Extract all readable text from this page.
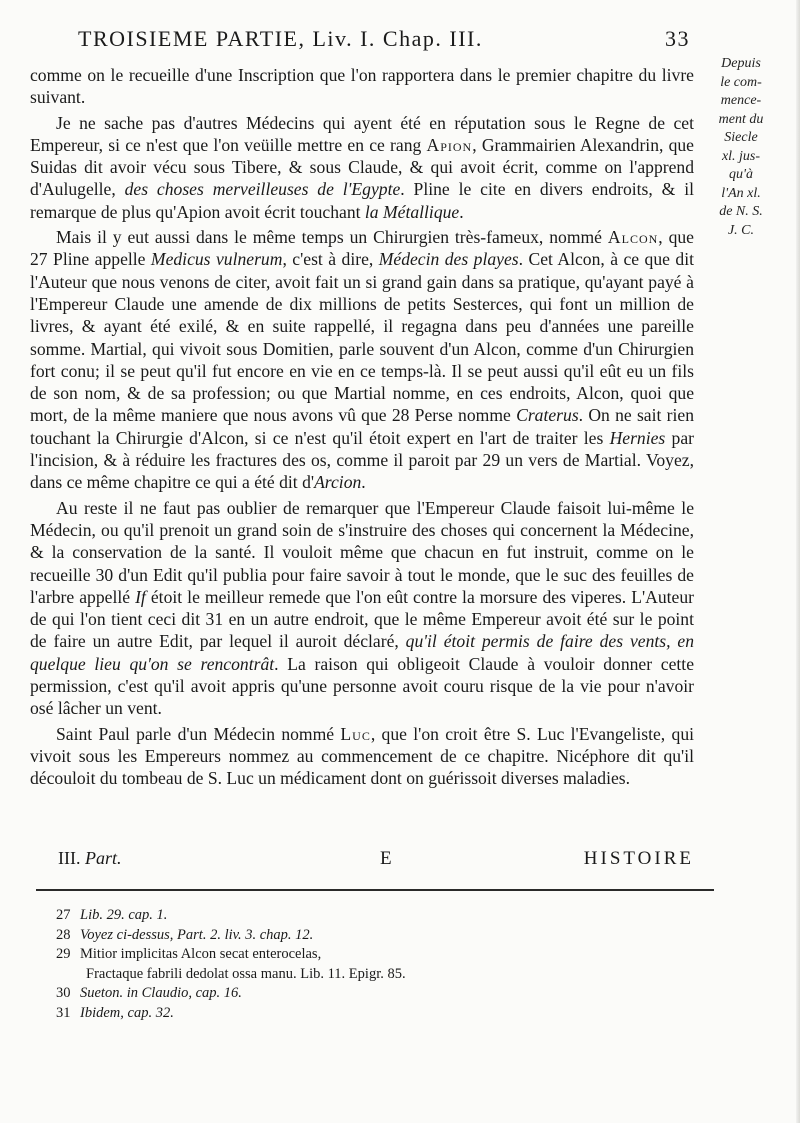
TROISIEME PARTIE, Liv. I. Chap. III.	33
Depuis
le com-
mence-
ment du
Siecle
xl. jus-
qu'à
l'An xl.
de N. S.
J. C.

comme on le recueille d'une Inscription que l'on rapportera dans le premier chapitre du livre suivant.

Je ne sache pas d'autres Médecins qui ayent été en réputation sous le Regne de cet Empereur, si ce n'est que l'on veüille mettre en ce rang Apion, Grammairien Alexandrin, que Suidas dit avoir vécu sous Tibere, & sous Claude, & qui avoit écrit, comme on l'apprend d'Aulugelle, des choses merveilleuses de l'Egypte. Pline le cite en divers endroits, & il remarque de plus qu'Apion avoit écrit touchant la Métallique.

Mais il y eut aussi dans le même temps un Chirurgien très-fameux, nommé Alcon, que 27 Pline appelle Medicus vulnerum, c'est à dire, Médecin des playes. Cet Alcon, à ce que dit l'Auteur que nous venons de citer, avoit fait un si grand gain dans sa pratique, qu'ayant payé à l'Empereur Claude une amende de dix millions de petits Sesterces, qui font un million de livres, & ayant été exilé, & en suite rappellé, il regagna dans peu d'années une pareille somme. Martial, qui vivoit sous Domitien, parle souvent d'un Alcon, comme d'un Chirurgien fort conu; il se peut qu'il fut encore en vie en ce temps-là. Il se peut aussi qu'il eût eu un fils de son nom, & de sa profession; ou que Martial nomme, en ces endroits, Alcon, quoi que mort, de la même maniere que nous avons vû que 28 Perse nomme Craterus. On ne sait rien touchant la Chirurgie d'Alcon, si ce n'est qu'il étoit expert en l'art de traiter les Hernies par l'incision, & à réduire les fractures des os, comme il paroit par 29 un vers de Martial. Voyez, dans ce même chapitre ce qui a été dit d'Arcion.

Au reste il ne faut pas oublier de remarquer que l'Empereur Claude faisoit lui-même le Médecin, ou qu'il prenoit un grand soin de s'instruire des choses qui concernent la Médecine, & la conservation de la santé. Il vouloit même que chacun en fut instruit, comme on le recueille 30 d'un Edit qu'il publia pour faire savoir à tout le monde, que le suc des feuilles de l'arbre appellé If étoit le meilleur remede que l'on eût contre la morsure des viperes. L'Auteur de qui l'on tient ceci dit 31 en un autre endroit, que le même Empereur avoit été sur le point de faire un autre Edit, par lequel il auroit déclaré, qu'il étoit permis de faire des vents, en quelque lieu qu'on se rencontrât. La raison qui obligeoit Claude à vouloir donner cette permission, c'est qu'il avoit appris qu'une personne avoit couru risque de la vie pour n'avoir osé lâcher un vent.

Saint Paul parle d'un Médecin nommé Luc, que l'on croit être S. Luc l'Evangeliste, qui vivoit sous les Empereurs nommez au commencement de ce chapitre. Nicéphore dit qu'il découloit du tombeau de S. Luc un médicament dont on guérissoit diverses maladies.

III. Part.	E	HISTOIRE
27 Lib. 29. cap. 1.
28 Voyez ci-dessus, Part. 2. liv. 3. chap. 12.
29 Mitior implicitas Alcon secat enterocelas,
Fractaque fabrili dedolat ossa manu. Lib. 11. Epigr. 85.
30 Sueton. in Claudio, cap. 16.
31 Ibidem, cap. 32.
